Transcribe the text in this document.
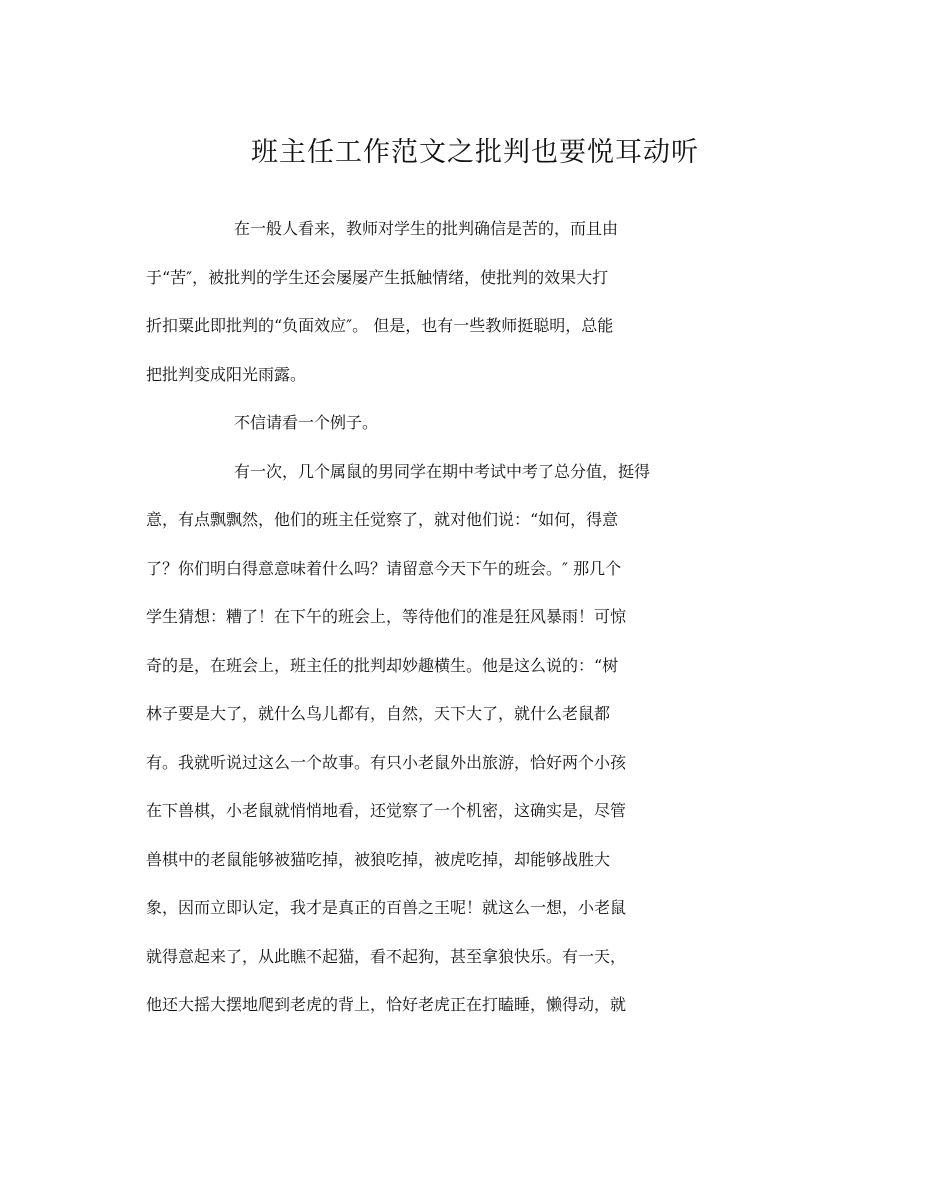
班主任工作范文之批判也要悦耳动听
在一般人看来，教师对学生的批判确信是苦的，而且由
于“苦″，被批判的学生还会屡屡产生抵触情绪，使批判的效果大打
折扣粟此即批判的“负面效应″。 但是，也有一些教师挺聪明，总能
把批判变成阳光雨露。
不信请看一个例子。
有一次，几个属鼠的男同学在期中考试中考了总分值，挺得
意，有点飘飘然，他们的班主任觉察了，就对他们说：“如何，得意
了？你们明白得意意味着什么吗？请留意今天下午的班会。″ 那几个
学生猜想：糟了！在下午的班会上，等待他们的准是狂风暴雨！可惊
奇的是，在班会上，班主任的批判却妙趣横生。他是这么说的：“树
林子要是大了，就什么鸟儿都有，自然，天下大了，就什么老鼠都
有。我就听说过这么一个故事。有只小老鼠外出旅游，恰好两个小孩
在下兽棋，小老鼠就悄悄地看，还觉察了一个机密，这确实是，尽管
兽棋中的老鼠能够被猫吃掉，被狼吃掉，被虎吃掉，却能够战胜大
象，因而立即认定，我才是真正的百兽之王呢！就这么一想，小老鼠
就得意起来了，从此瞧不起猫，看不起狗，甚至拿狼快乐。有一天，
他还大摇大摆地爬到老虎的背上，恰好老虎正在打瞌睡，懒得动，就
